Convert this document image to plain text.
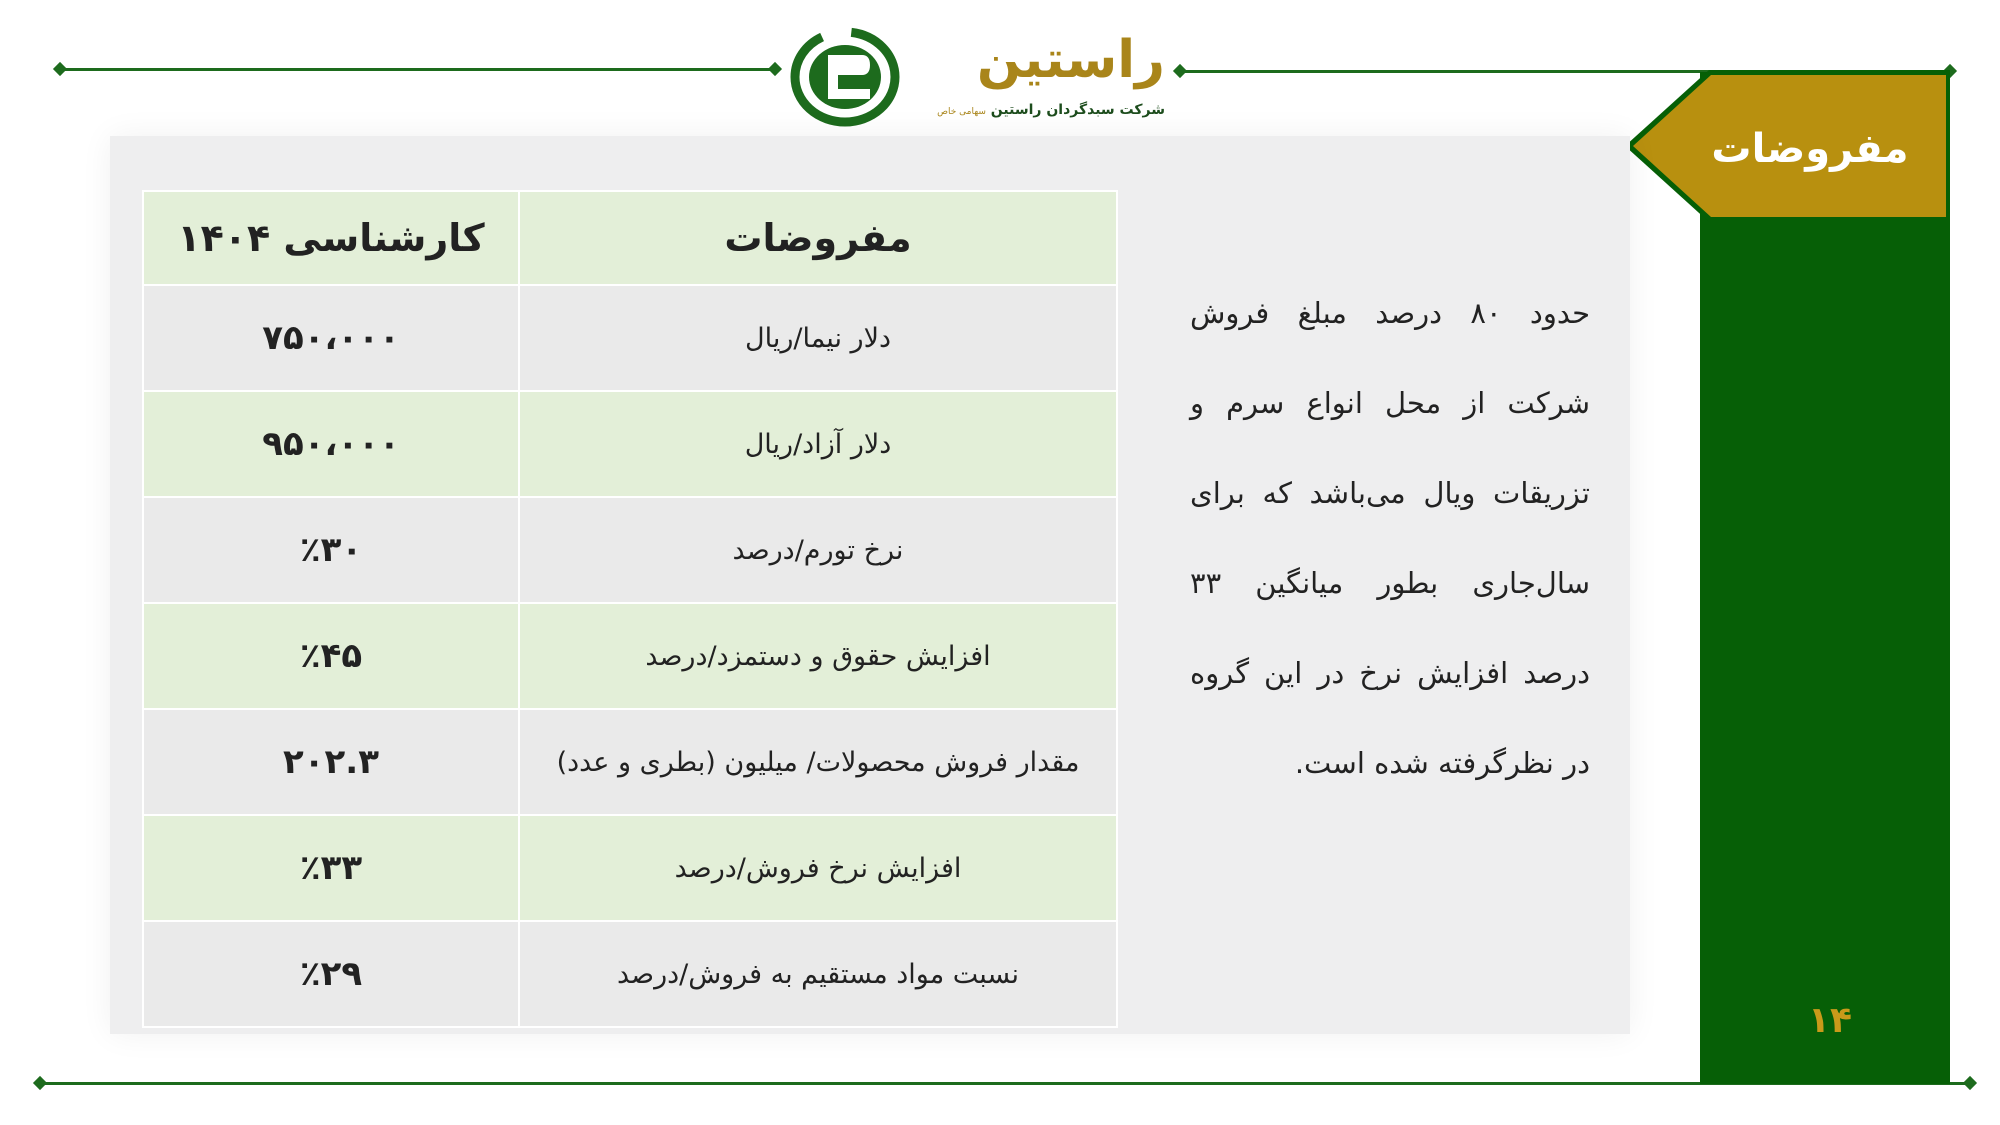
راستین
شرکت سبدگردان راستین سهامی خاص
مفروضات
مفروضات	کارشناسی ۱۴۰۴
دلار نیما/ریال	۷۵۰،۰۰۰
دلار آزاد/ریال	۹۵۰،۰۰۰
نرخ تورم/درصد	٪۳۰
افزایش حقوق و دستمزد/درصد	٪۴۵
مقدار فروش محصولات/ میلیون (بطری و عدد)	۲۰۲.۳
افزایش نرخ فروش/درصد	٪۳۳
نسبت مواد مستقیم به فروش/درصد	٪۲۹

حدود ۸۰ درصد مبلغ فروش شرکت از محل انواع سرم و تزریقات ویال می‌باشد که برای سال‌جاری بطور میانگین ۳۳ درصد افزایش نرخ در این گروه در نظرگرفته شده است.

۱۴
